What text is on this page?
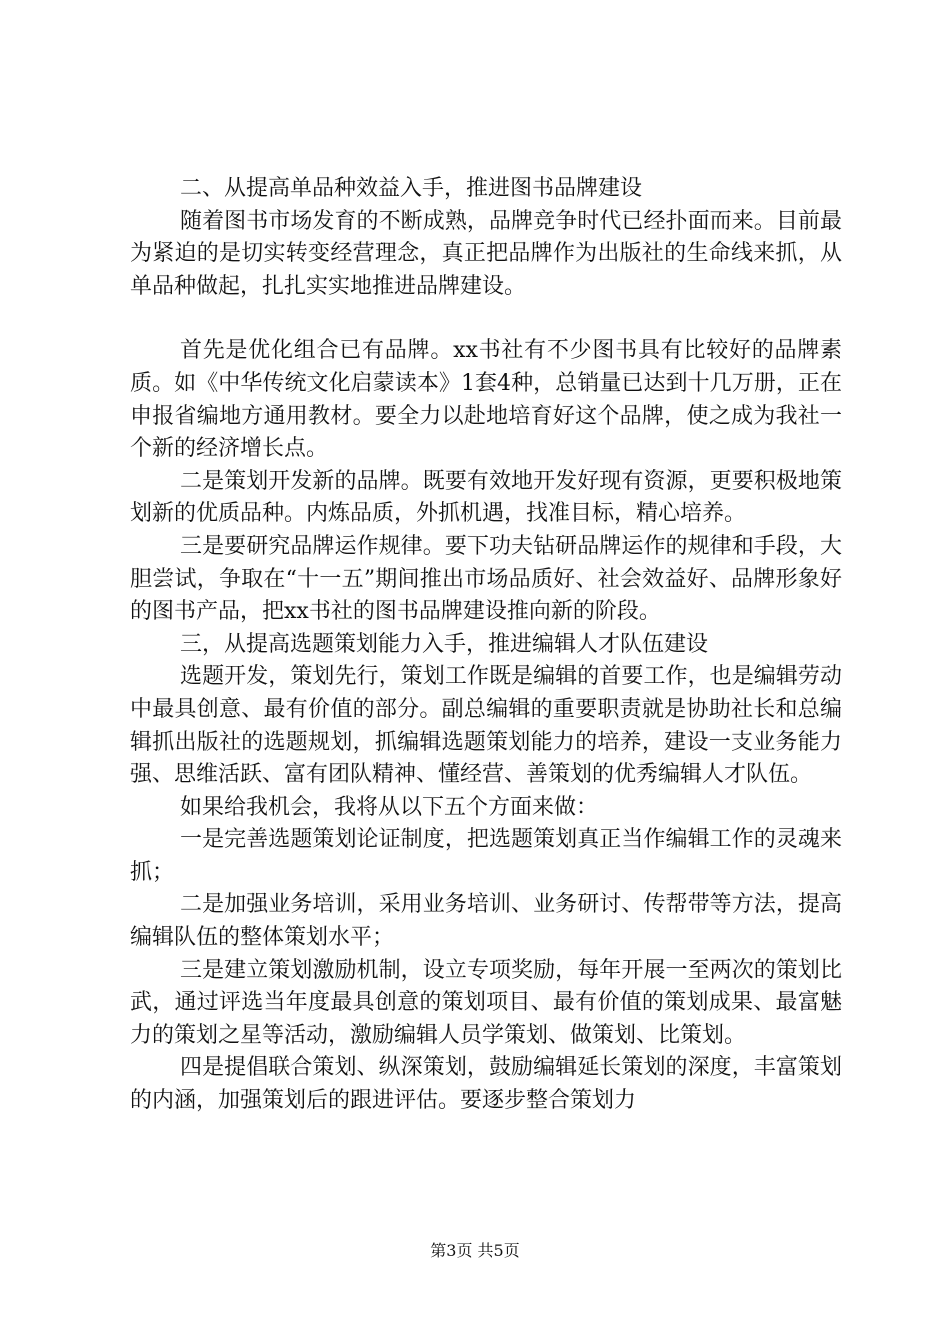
二、从提高单品种效益入手，推进图书品牌建设

随着图书市场发育的不断成熟，品牌竞争时代已经扑面而来。目前最为紧迫的是切实转变经营理念，真正把品牌作为出版社的生命线来抓，从单品种做起，扎扎实实地推进品牌建设。

首先是优化组合已有品牌。xx书社有不少图书具有比较好的品牌素质。如《中华传统文化启蒙读本》1套4种，总销量已达到十几万册，正在申报省编地方通用教材。要全力以赴地培育好这个品牌，使之成为我社一个新的经济增长点。

二是策划开发新的品牌。既要有效地开发好现有资源，更要积极地策划新的优质品种。内炼品质，外抓机遇，找准目标，精心培养。

三是要研究品牌运作规律。要下功夫钻研品牌运作的规律和手段，大胆尝试，争取在“十一五”期间推出市场品质好、社会效益好、品牌形象好的图书产品，把xx书社的图书品牌建设推向新的阶段。

三，从提高选题策划能力入手，推进编辑人才队伍建设

选题开发，策划先行，策划工作既是编辑的首要工作，也是编辑劳动中最具创意、最有价值的部分。副总编辑的重要职责就是协助社长和总编辑抓出版社的选题规划，抓编辑选题策划能力的培养，建设一支业务能力强、思维活跃、富有团队精神、懂经营、善策划的优秀编辑人才队伍。

如果给我机会，我将从以下五个方面来做：

一是完善选题策划论证制度，把选题策划真正当作编辑工作的灵魂来抓；

二是加强业务培训，采用业务培训、业务研讨、传帮带等方法，提高编辑队伍的整体策划水平；

三是建立策划激励机制，设立专项奖励，每年开展一至两次的策划比武，通过评选当年度最具创意的策划项目、最有价值的策划成果、最富魅力的策划之星等活动，激励编辑人员学策划、做策划、比策划。

四是提倡联合策划、纵深策划，鼓励编辑延长策划的深度，丰富策划的内涵，加强策划后的跟进评估。要逐步整合策划力

第3页 共5页
